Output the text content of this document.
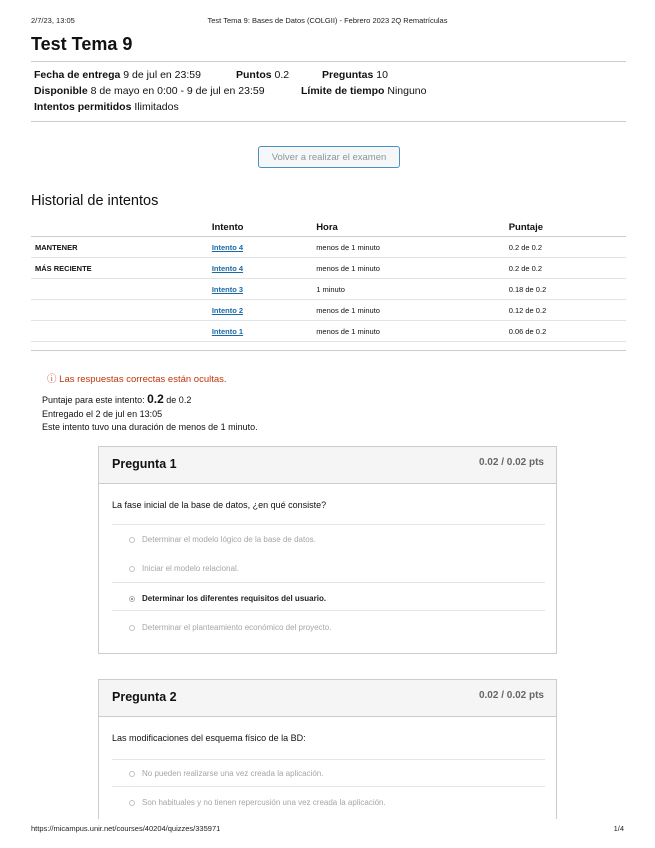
2/7/23, 13:05	Test Tema 9: Bases de Datos (COLGII) - Febrero 2023 2Q Rematrículas
Test Tema 9
Fecha de entrega 9 de jul en 23:59	Puntos 0.2	Preguntas 10
Disponible 8 de mayo en 0:00 - 9 de jul en 23:59	Límite de tiempo Ninguno
Intentos permitidos Ilimitados
Volver a realizar el examen
Historial de intentos
	Intento	Hora	Puntaje
MANTENER	Intento 4	menos de 1 minuto	0.2 de 0.2
MÁS RECIENTE	Intento 4	menos de 1 minuto	0.2 de 0.2
	Intento 3	1 minuto	0.18 de 0.2
	Intento 2	menos de 1 minuto	0.12 de 0.2
	Intento 1	menos de 1 minuto	0.06 de 0.2
ⓘ Las respuestas correctas están ocultas.
Puntaje para este intento: 0.2 de 0.2
Entregado el 2 de jul en 13:05
Este intento tuvo una duración de menos de 1 minuto.
Pregunta 1	0.02 / 0.02 pts
La fase inicial de la base de datos, ¿en qué consiste?
Determinar el modelo lógico de la base de datos.
Iniciar el modelo relacional.
Determinar los diferentes requisitos del usuario.
Determinar el planteamiento económico del proyecto.
Pregunta 2	0.02 / 0.02 pts
Las modificaciones del esquema físico de la BD:
No pueden realizarse una vez creada la aplicación.
Son habituales y no tienen repercusión una vez creada la aplicación.
https://micampus.unir.net/courses/40204/quizzes/335971	1/4
